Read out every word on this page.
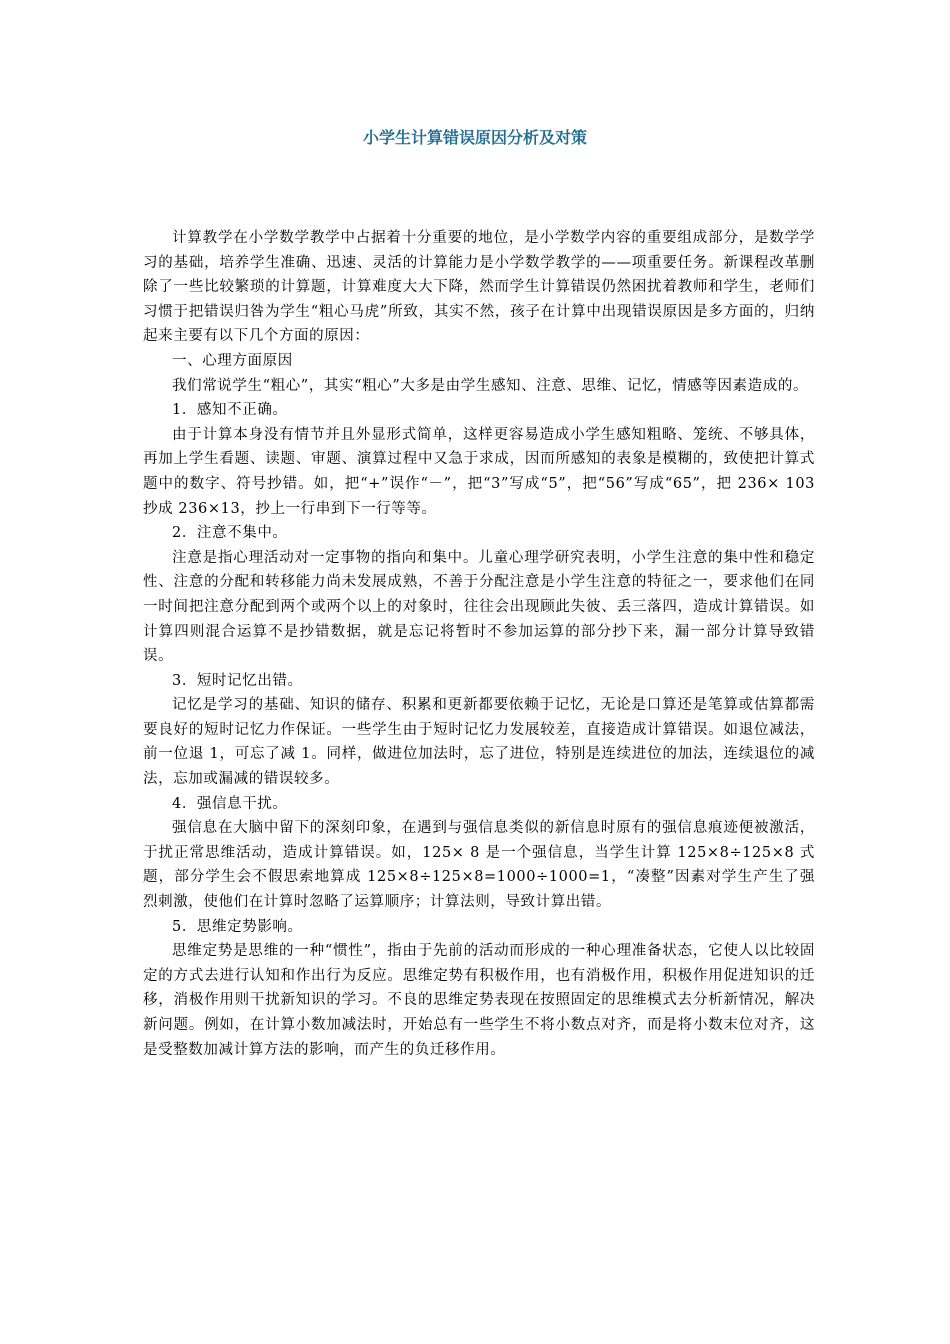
小学生计算错误原因分析及对策

计算教学在小学数学教学中占据着十分重要的地位，是小学数学内容的重要组成部分，是数学学习的基础，培养学生准确、迅速、灵活的计算能力是小学数学教学的——项重要任务。新课程改革删除了一些比较繁琐的计算题，计算难度大大下降，然而学生计算错误仍然困扰着教师和学生，老师们习惯于把错误归咎为学生“粗心马虎”所致，其实不然，孩子在计算中出现错误原因是多方面的，归纳起来主要有以下几个方面的原因：

一、心理方面原因

我们常说学生“粗心”，其实“粗心”大多是由学生感知、注意、思维、记忆，情感等因素造成的。

1．感知不正确。

由于计算本身没有情节并且外显形式简单，这样更容易造成小学生感知粗略、笼统、不够具体，再加上学生看题、读题、审题、演算过程中又急于求成，因而所感知的表象是模糊的，致使把计算式题中的数字、符号抄错。如，把“+”误作“－”，把“3”写成“5”，把“56”写成“65”，把 236× 103 抄成 236×13，抄上一行串到下一行等等。

2．注意不集中。

注意是指心理活动对一定事物的指向和集中。儿童心理学研究表明，小学生注意的集中性和稳定性、注意的分配和转移能力尚未发展成熟，不善于分配注意是小学生注意的特征之一，要求他们在同一时间把注意分配到两个或两个以上的对象时，往往会出现顾此失彼、丢三落四，造成计算错误。如计算四则混合运算不是抄错数据，就是忘记将暂时不参加运算的部分抄下来，漏一部分计算导致错误。

3．短时记忆出错。

记忆是学习的基础、知识的储存、积累和更新都要依赖于记忆，无论是口算还是笔算或估算都需要良好的短时记忆力作保证。一些学生由于短时记忆力发展较差，直接造成计算错误。如退位减法，前一位退 1，可忘了减 1。同样，做进位加法时，忘了进位，特别是连续进位的加法，连续退位的减法，忘加或漏减的错误较多。

4．强信息干扰。

强信息在大脑中留下的深刻印象，在遇到与强信息类似的新信息时原有的强信息痕迹便被激活，于扰正常思维活动，造成计算错误。如，125× 8 是一个强信息，当学生计算 125×8÷125×8 式题，部分学生会不假思索地算成 125×8÷125×8=1000÷1000=1，“凑整”因素对学生产生了强烈刺激，使他们在计算时忽略了运算顺序；计算法则，导致计算出错。

5．思维定势影响。

思维定势是思维的一种“惯性”，指由于先前的活动而形成的一种心理准备状态，它使人以比较固定的方式去进行认知和作出行为反应。思维定势有积极作用，也有消极作用，积极作用促进知识的迁移，消极作用则干扰新知识的学习。不良的思维定势表现在按照固定的思维模式去分析新情况，解决新问题。例如，在计算小数加减法时，开始总有一些学生不将小数点对齐，而是将小数末位对齐，这是受整数加减计算方法的影响，而产生的负迁移作用。
